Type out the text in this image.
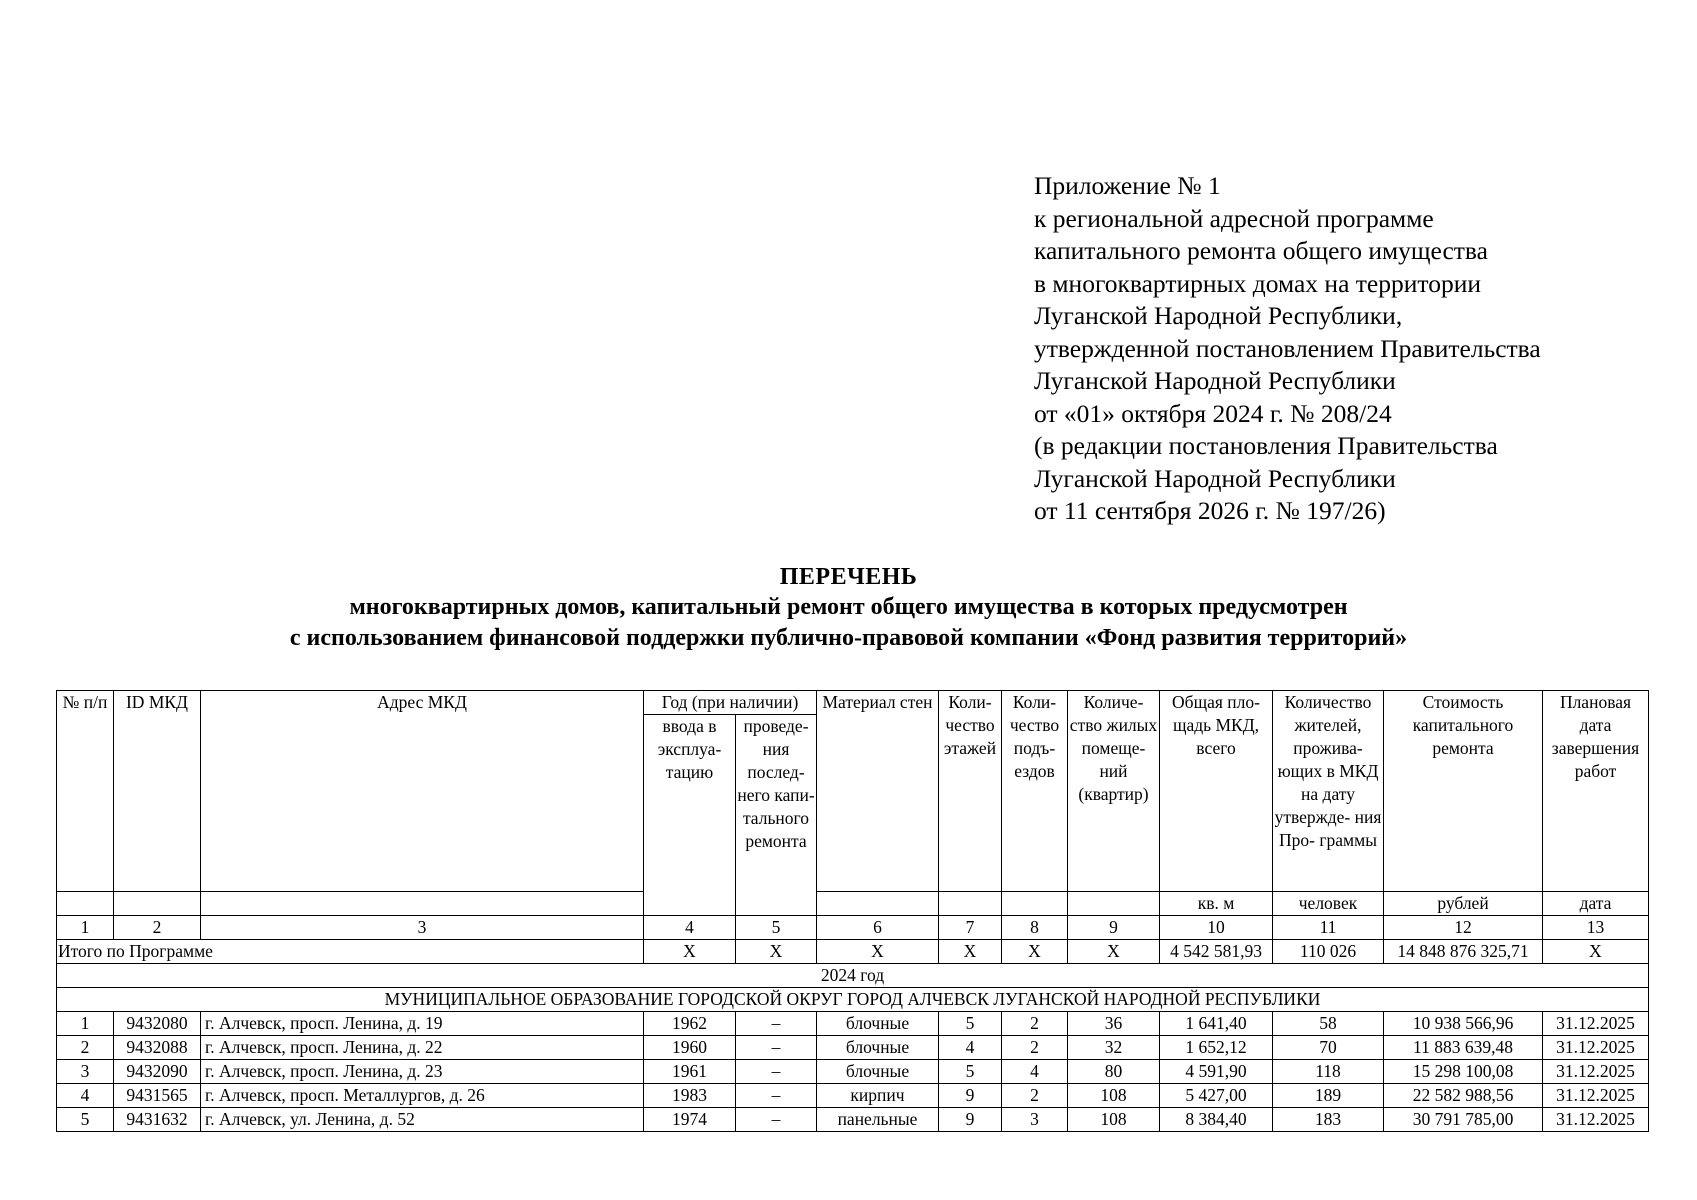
Приложение № 1
к региональной адресной программе
капитального ремонта общего имущества
в многоквартирных домах на территории
Луганской Народной Республики,
утвержденной постановлением Правительства
Луганской Народной Республики
от «01» октября 2024 г. № 208/24
(в редакции постановления Правительства
Луганской Народной Республики
от 11 сентября 2026 г. № 197/26)
ПЕРЕЧЕНЬ
многоквартирных домов, капитальный ремонт общего имущества в которых предусмотрен
с использованием финансовой поддержки публично-правовой компании «Фонд развития территорий»
№ п/п	ID МКД	Адрес МКД	Год (при наличии)		Материал стен	Коли- чество этажей	Коли- чество подъ- ездов	Количе- ство жилых помеще- ний (квартир)	Общая пло- щадь МКД, всего	Количество жителей, прожива- ющих в МКД на дату утвержде- ния Про- граммы	Стоимость капитального ремонта	Плановая дата завершения работ
			ввода в эксплуа- тацию	проведе- ния послед- него капи- тального ремонта								
									кв. м	человек	рублей	дата
1	2	3	4	5	6	7	8	9	10	11	12	13
Итого по Программе			X	X	X	X	X	X	4 542 581,93	110 026	14 848 876 325,71	X
2024 год												
МУНИЦИПАЛЬНОЕ ОБРАЗОВАНИЕ ГОРОДСКОЙ ОКРУГ ГОРОД АЛЧЕВСК ЛУГАНСКОЙ НАРОДНОЙ РЕСПУБЛИКИ												
1	9432080	г. Алчевск, просп. Ленина, д. 19	1962	–	блочные	5	2	36	1 641,40	58	10 938 566,96	31.12.2025
2	9432088	г. Алчевск, просп. Ленина, д. 22	1960	–	блочные	4	2	32	1 652,12	70	11 883 639,48	31.12.2025
3	9432090	г. Алчевск, просп. Ленина, д. 23	1961	–	блочные	5	4	80	4 591,90	118	15 298 100,08	31.12.2025
4	9431565	г. Алчевск, просп. Металлургов, д. 26	1983	–	кирпич	9	2	108	5 427,00	189	22 582 988,56	31.12.2025
5	9431632	г. Алчевск, ул. Ленина, д. 52	1974	–	панельные	9	3	108	8 384,40	183	30 791 785,00	31.12.2025
